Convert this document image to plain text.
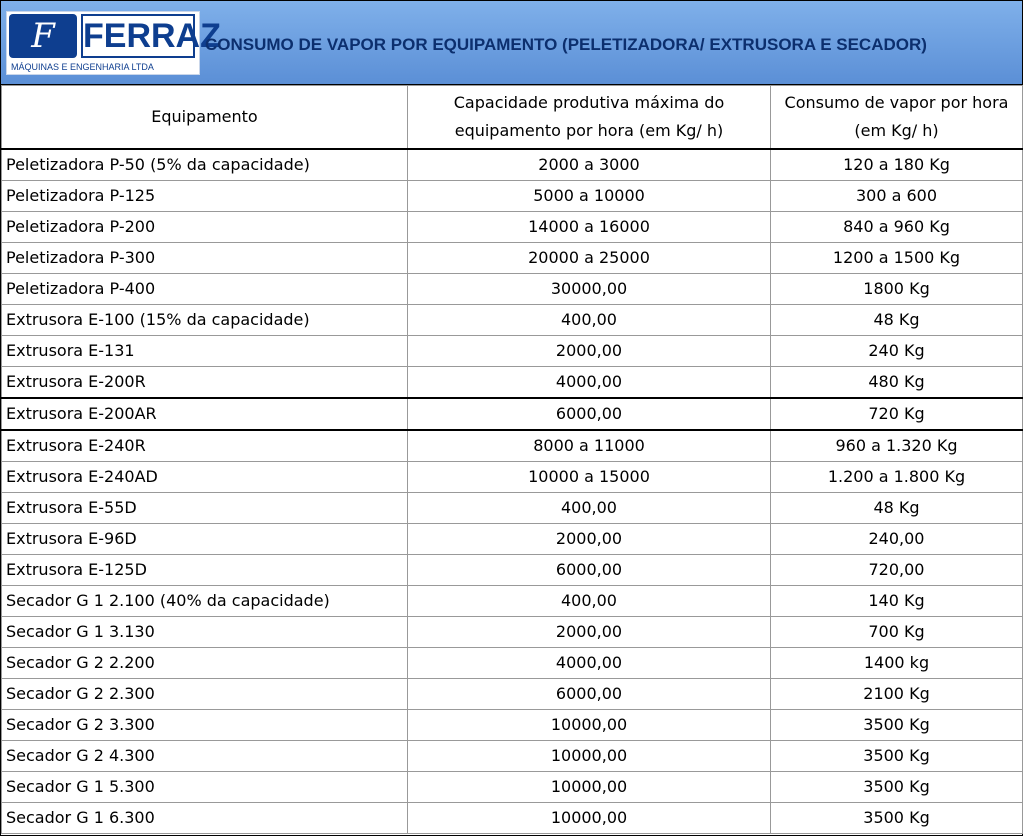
F FERRAZ
MÁQUINAS E ENGENHARIA LTDA
CONSUMO DE VAPOR POR EQUIPAMENTO (PELETIZADORA/ EXTRUSORA E SECADOR)
Equipamento	Capacidade produtiva máxima do equipamento por hora (em Kg/ h)	Consumo de vapor por hora (em Kg/ h)
Peletizadora P-50 (5% da capacidade)	2000 a 3000	120 a 180 Kg
Peletizadora P-125	5000 a 10000	300 a 600
Peletizadora P-200	14000 a 16000	840 a 960 Kg
Peletizadora P-300	20000 a 25000	1200 a 1500 Kg
Peletizadora P-400	30000,00	1800 Kg
Extrusora E-100 (15% da capacidade)	400,00	48 Kg
Extrusora E-131	2000,00	240 Kg
Extrusora E-200R	4000,00	480 Kg
Extrusora E-200AR	6000,00	720 Kg
Extrusora E-240R	8000 a 11000	960 a 1.320 Kg
Extrusora E-240AD	10000 a 15000	1.200 a 1.800 Kg
Extrusora E-55D	400,00	48 Kg
Extrusora E-96D	2000,00	240,00
Extrusora E-125D	6000,00	720,00
Secador G 1 2.100 (40% da capacidade)	400,00	140 Kg
Secador G 1 3.130	2000,00	700 Kg
Secador G 2 2.200	4000,00	1400 kg
Secador G 2 2.300	6000,00	2100 Kg
Secador G 2 3.300	10000,00	3500 Kg
Secador G 2 4.300	10000,00	3500 Kg
Secador G 1 5.300	10000,00	3500 Kg
Secador G 1 6.300	10000,00	3500 Kg
